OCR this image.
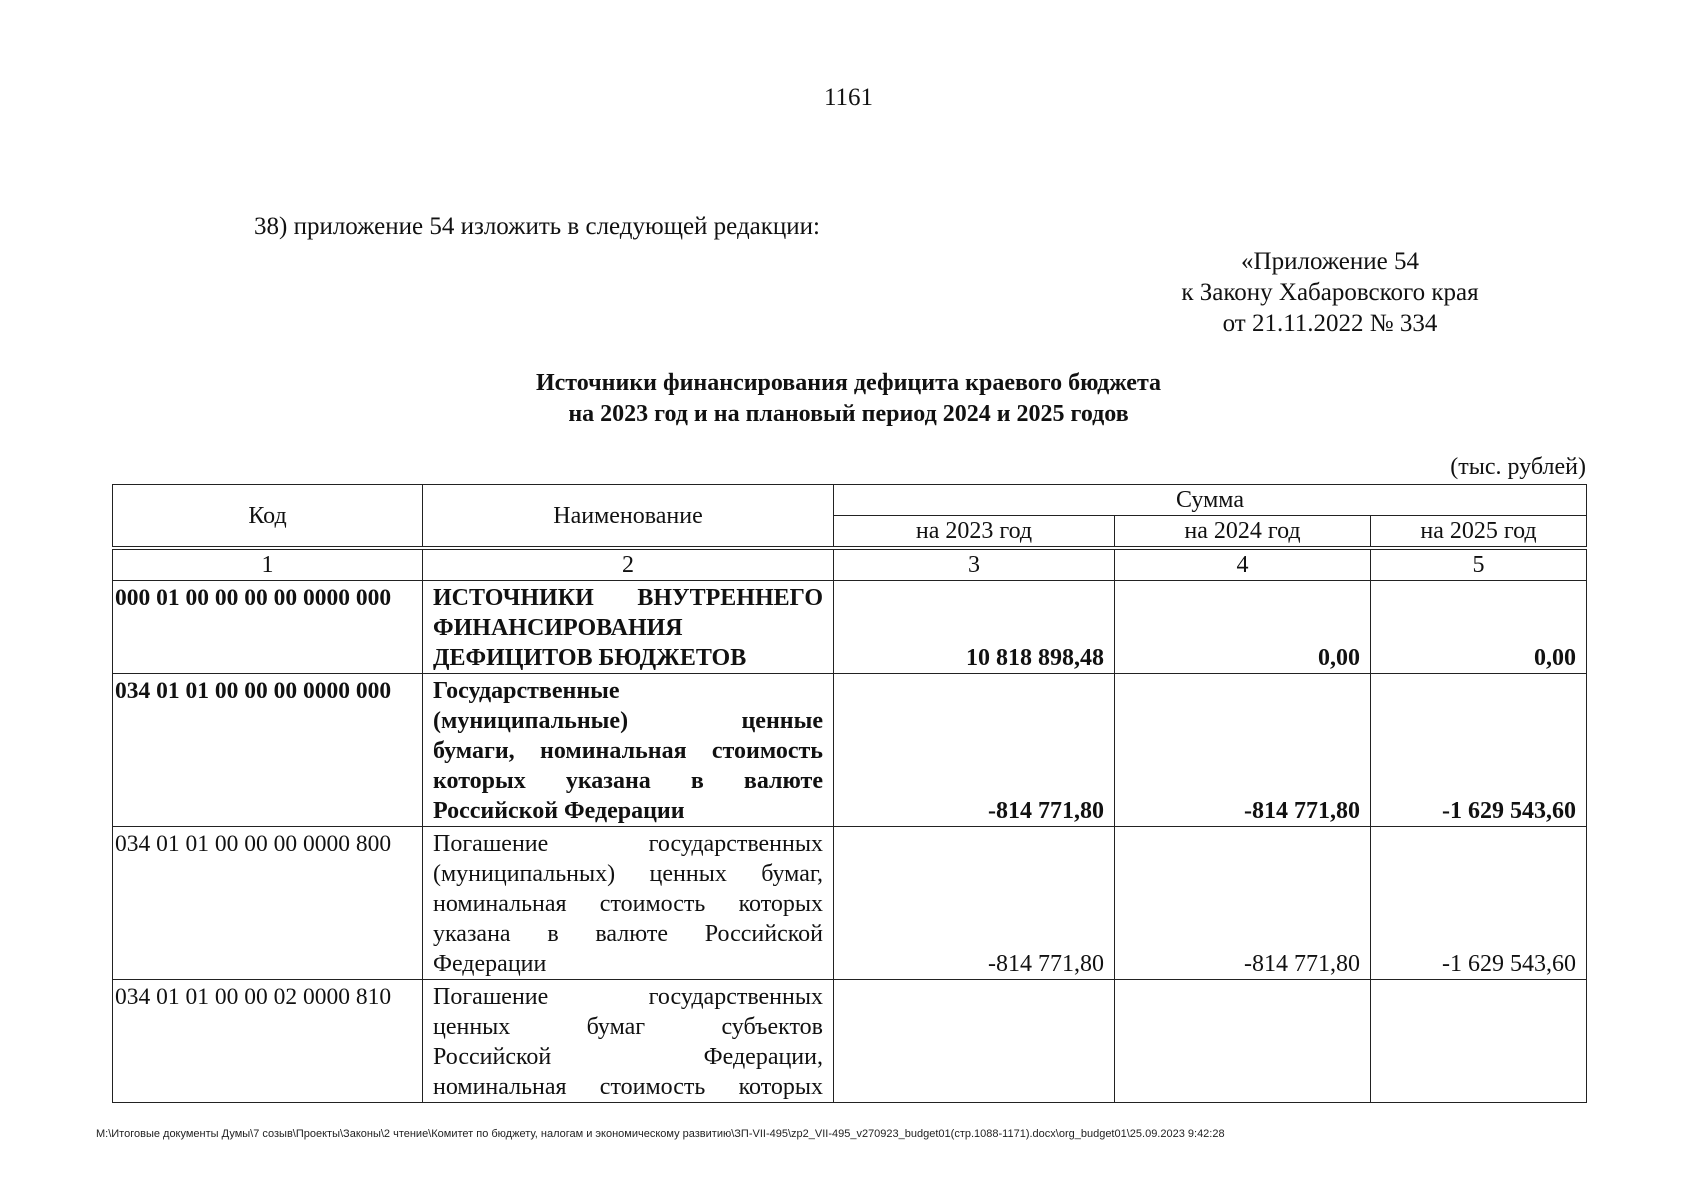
1161
38) приложение 54 изложить в следующей редакции:
«Приложение 54
к Закону Хабаровского края
от 21.11.2022 № 334
Источники финансирования дефицита краевого бюджета
на 2023 год и на плановый период 2024 и 2025 годов
(тыс. рублей)
Код	Наименование	Сумма		
		на 2023 год	на 2024 год	на 2025 год
1	2	3	4	5
000 01 00 00 00 00 0000 000	ИСТОЧНИКИ ВНУТРЕННЕГО
ФИНАНСИРОВАНИЯ
ДЕФИЦИТОВ БЮДЖЕТОВ	10 818 898,48	0,00	0,00
034 01 01 00 00 00 0000 000	Государственные
(муниципальные) ценные
бумаги, номинальная стоимость
которых указана в валюте
Российской Федерации	-814 771,80	-814 771,80	-1 629 543,60
034 01 01 00 00 00 0000 800	Погашение государственных
(муниципальных) ценных бумаг,
номинальная стоимость которых
указана в валюте Российской
Федерации	-814 771,80	-814 771,80	-1 629 543,60
034 01 01 00 00 02 0000 810	Погашение государственных
ценных бумаг субъектов
Российской Федерации,
номинальная стоимость которых			

M:\Итоговые документы Думы\7 созыв\Проекты\Законы\2 чтение\Комитет по бюджету, налогам и экономическому развитию\ЗП-VII-495\zp2_VII-495_v270923_budget01(стр.1088-1171).docx\org_budget01\25.09.2023 9:42:28
